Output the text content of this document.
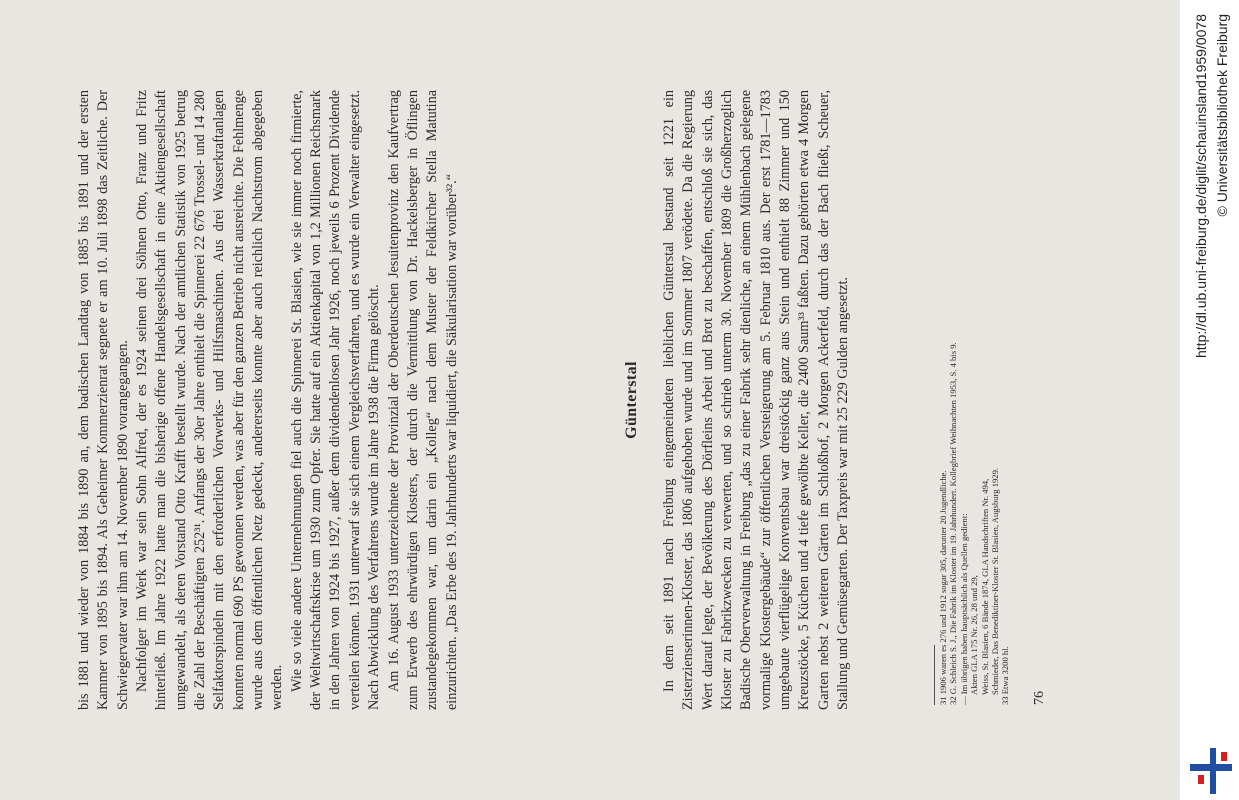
bis 1881 und wieder von 1884 bis 1890 an, dem badischen Landtag von 1885 bis 1891 und der ersten Kammer von 1895 bis 1894. Als Geheimer Kommerzienrat segnete er am 10. Juli 1898 das Zeitliche. Der Schwiegervater war ihm am 14. November 1890 vorangegangen. Nachfolger im Werk war sein Sohn Alfred, der es 1924 seinen drei Söhnen Otto, Franz und Fritz hinterließ. Im Jahre 1922 hatte man die bisherige offene Handelsgesellschaft in eine Aktiengesellschaft umgewandelt, als deren Vorstand Otto Krafft bestellt wurde. Nach der amtlichen Statistik von 1925 betrug die Zahl der Beschäftigten 252³¹. Anfangs der 30er Jahre enthielt die Spinnerei 22 676 Trossel- und 14 280 Selfaktorspindeln mit den erforderlichen Vorwerks- und Hilfsmaschinen. Aus drei Wasserkraftanlagen konnten normal 690 PS gewonnen werden, was aber für den ganzen Betrieb nicht ausreichte. Die Fehlmenge wurde aus dem öffentlichen Netz gedeckt, andererseits konnte aber auch reichlich Nachtstrom abgegeben werden. Wie so viele andere Unternehmungen fiel auch die Spinnerei St. Blasien, wie sie immer noch firmierte, der Weltwirtschaftskrise um 1930 zum Opfer. Sie hatte auf ein Aktienkapital von 1,2 Millionen Reichsmark in den Jahren von 1924 bis 1927, außer dem dividendenlosen Jahr 1926, noch jeweils 6 Prozent Dividende verteilen können. 1931 unterwarf sie sich einem Vergleichsverfahren, und es wurde ein Verwalter eingesetzt. Nach Abwicklung des Verfahrens wurde im Jahre 1938 die Firma gelöscht. Am 16. August 1933 unterzeichnete der Provinzial der Oberdeutschen Jesuitenprovinz den Kaufvertrag zum Erwerb des ehrwürdigen Klosters, der durch die Vermittlung von Dr. Hackelsberger in Öflingen zustandegekommen war, um darin ein „Kolleg“ nach dem Muster der Feldkircher Stella Matutina einzurichten. „Das Erbe des 19. Jahrhunderts war liquidiert, die Säkularisation war vorüber³².“	Günterstal In dem seit 1891 nach Freiburg eingemeindeten lieblichen Günterstal bestand seit 1221 ein Zisterzienserinnen-Kloster, das 1806 aufgehoben wurde und im Sommer 1807 verödete. Da die Regierung Wert darauf legte, der Bevölkerung des Dörfleins Arbeit und Brot zu beschaffen, entschloß sie sich, das Kloster zu Fabrikzwecken zu verwerten, und so schrieb unterm 30. November 1809 die Großherzoglich Badische Oberverwaltung in Freiburg „das zu einer Fabrik sehr dienliche, an einem Mühlenbach gelegene vormalige Klostergebäude“ zur öffentlichen Versteigerung am 5. Februar 1810 aus. Der erst 1781—1783 umgebaute vierflügelige Konventsbau war dreistöckig ganz aus Stein und enthielt 88 Zimmer und 150 Kreuzstöcke, 5 Küchen und 4 tiefe gewölbte Keller, die 2400 Saum³³ faßten. Dazu gehörten etwa 4 Morgen Garten nebst 2 weiteren Gärten im Schloßhof, 2 Morgen Ackerfeld, durch das der Bach fließt, Scheuer, Stallung und Gemüsegarten. Der Taxpreis war mit 25 229 Gulden angesetzt.	31 1906 waren es 276 und 1912 sogar 305, darunter 20 Jugendliche. 32 G. Schleich S. J., Die Fabrik im Kloster im 19. Jahrhundert. Kollegbrief Weihnachten 1953, S. 4 bis 9. — Im übrigen haben hauptsächlich als Quellen gedient: Akten GLA 175 Nr. 26, 28 und 29, Weiss, St. Blasien, 6 Bände 1874, GLA Handschriften Nr. 494, Schmieder, Das Benediktiner-Kloster St. Blasien, Augsburg 1929. 33 Etwa 3200 hl. 76
http://dl.ub.uni-freiburg.de/diglit/schauinsland1959/0078 © Universitätsbibliothek Freiburg
